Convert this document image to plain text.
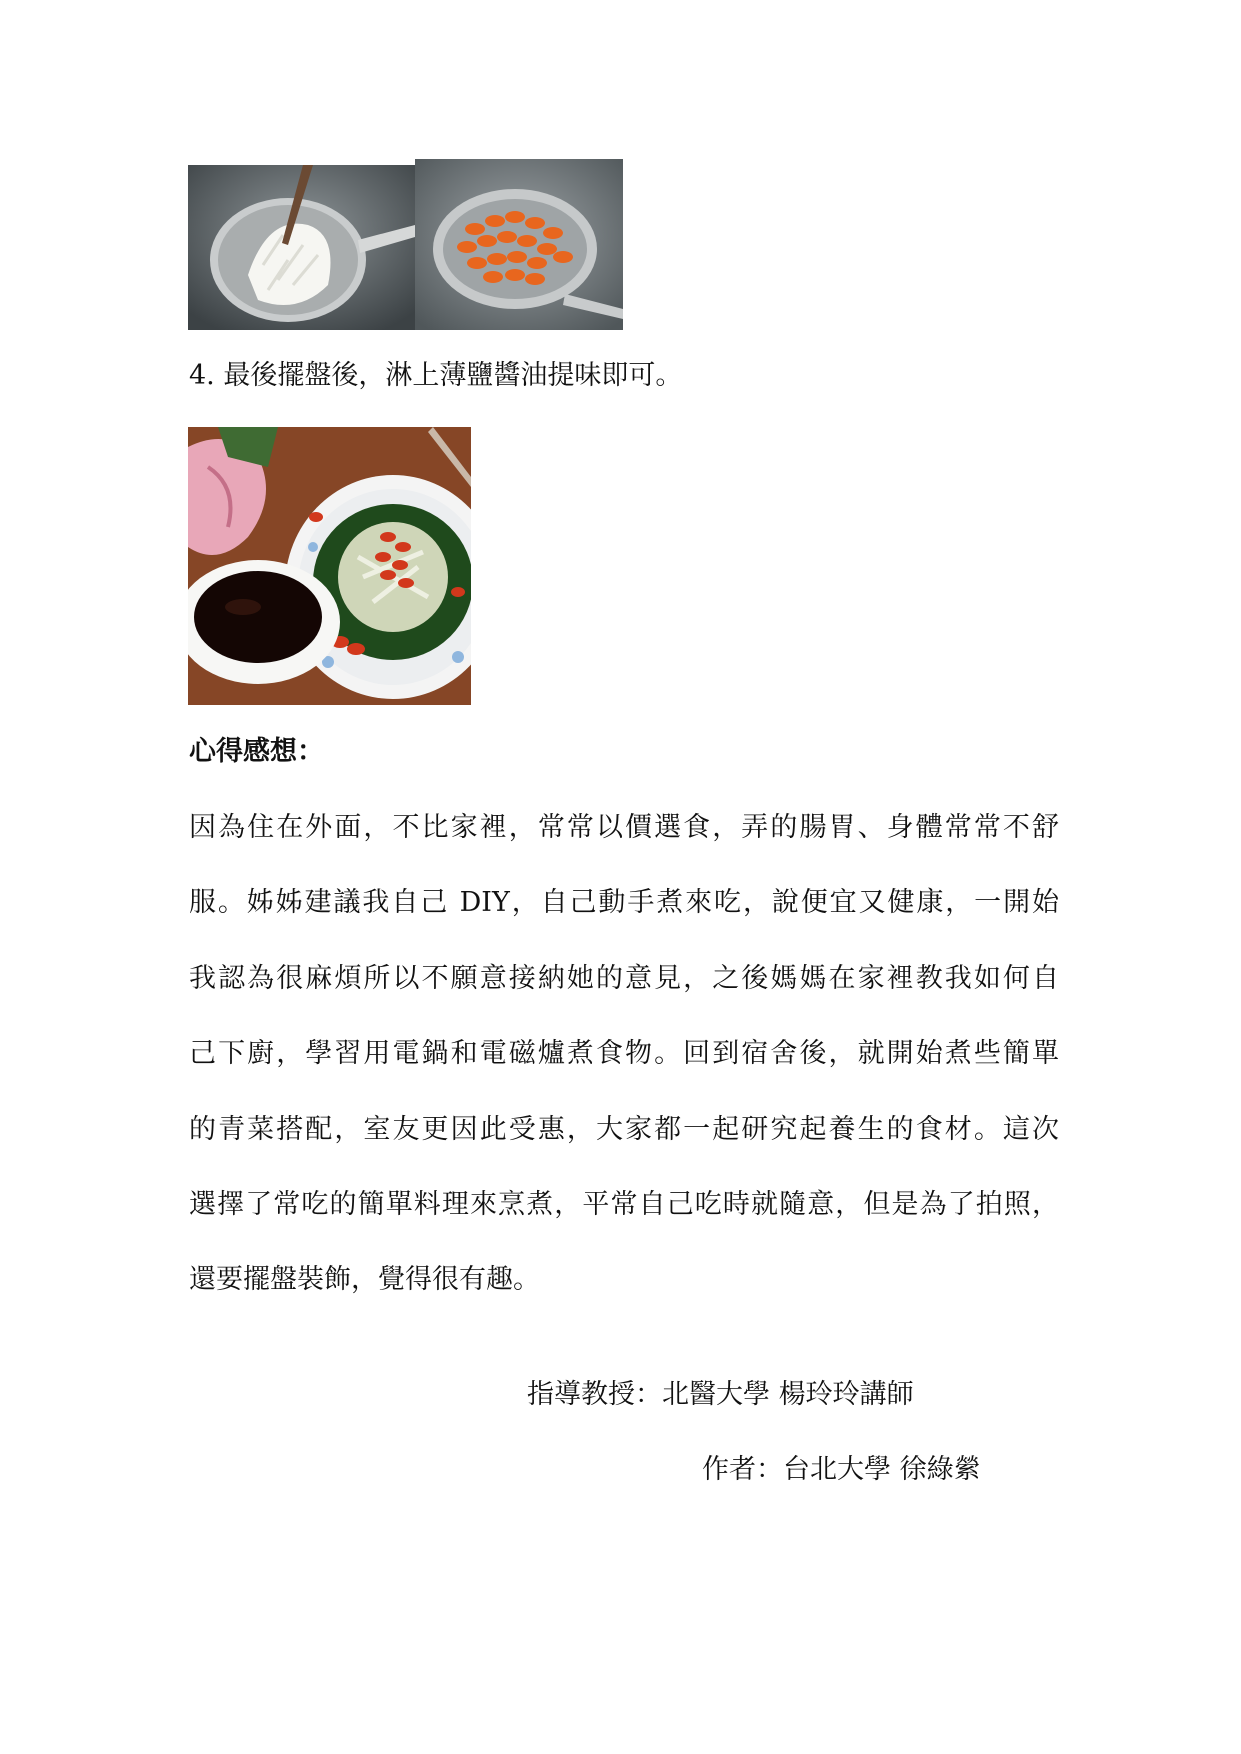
4. 最後擺盤後，淋上薄鹽醬油提味即可。
心得感想：
因為住在外面，不比家裡，常常以價選食，弄的腸胃、身體常常不舒
服。姊姊建議我自己 DIY，自己動手煮來吃，說便宜又健康，一開始
我認為很麻煩所以不願意接納她的意見，之後媽媽在家裡教我如何自
己下廚，學習用電鍋和電磁爐煮食物。回到宿舍後，就開始煮些簡單
的青菜搭配，室友更因此受惠，大家都一起研究起養生的食材。這次
選擇了常吃的簡單料理來烹煮，平常自己吃時就隨意，但是為了拍照，
還要擺盤裝飾，覺得很有趣。
指導教授：北醫大學 楊玲玲講師
作者：台北大學 徐綠縈
